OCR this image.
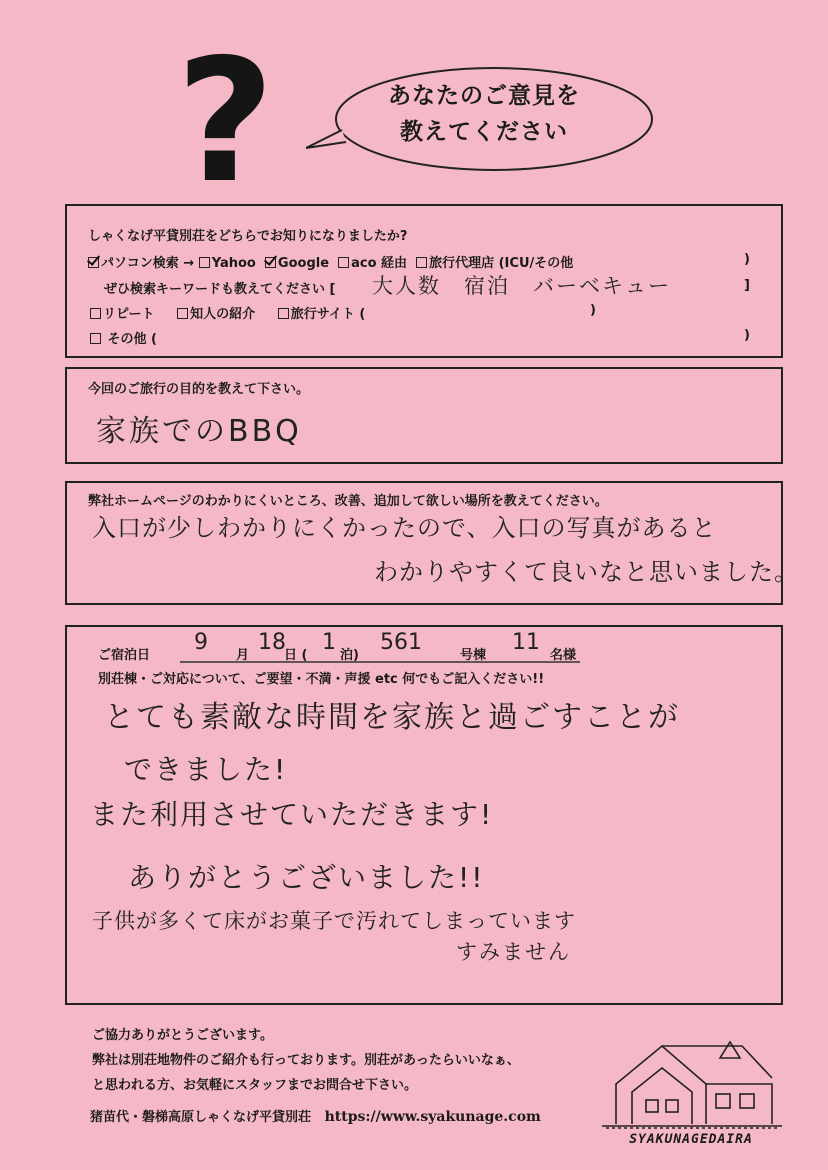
?	あなたのご意見を
教えてください
しゃくなげ平貸別荘をどちらでお知りになりましたか?
パソコン検索 → Yahoo Google aco 経由 旅行代理店 (ICU/その他	)
ぜひ検索キーワードも教えてください [ 大人数　宿泊　バーベキュー	]
リピート	知人の紹介	旅行サイト (	)
その他 (	)
今回のご旅行の目的を教えて下さい。
家族でのBBQ
弊社ホームページのわかりにくいところ、改善、追加して欲しい場所を教えてください。
入口が少しわかりにくかったので、入口の写真があると
わかりやすくて良いなと思いました。
ご宿泊日
9
月
18
日 (
1
泊)
561
号棟
11
名様
別荘棟・ご対応について、ご要望・不満・声援 etc 何でもご記入ください!!
とても素敵な時間を家族と過ごすことが
できました!
また利用させていただきます!
ありがとうございました!!
子供が多くて床がお菓子で汚れてしまっています
すみません
ご協力ありがとうございます。
弊社は別荘地物件のご紹介も行っております。別荘があったらいいなぁ、
と思われる方、お気軽にスタッフまでお問合せ下さい。
猪苗代・磐梯高原しゃくなげ平貸別荘 https://www.syakunage.com
SYAKUNAGEDAIRA
